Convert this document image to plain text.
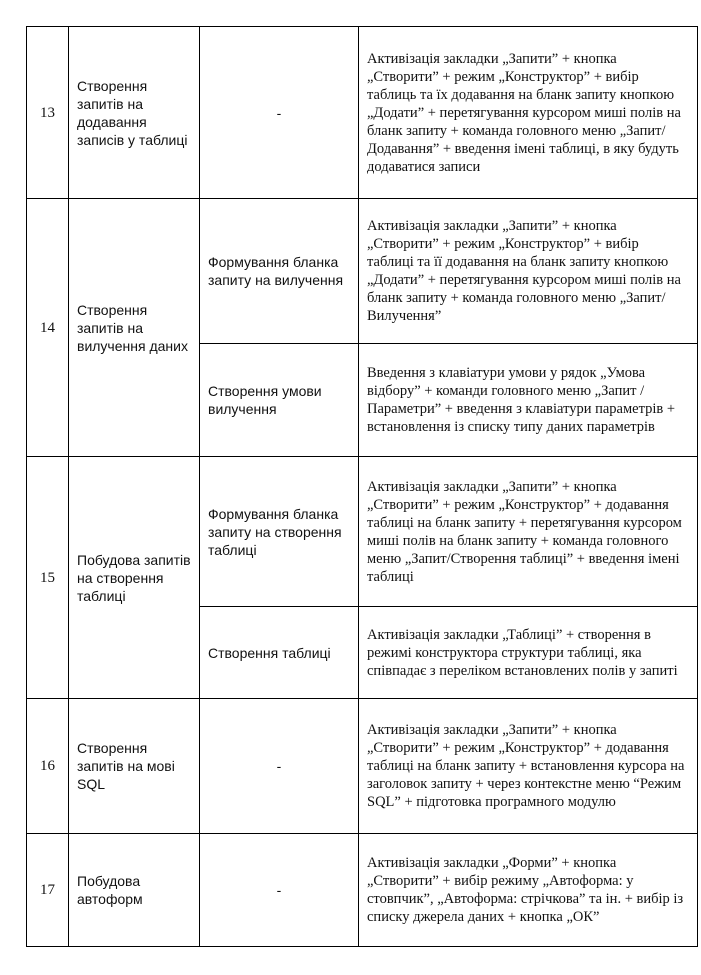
13	Створення запитів на додавання записів у таблиці	-	Активізація закладки „Запити” + кнопка „Створити” + режим „Конструктор” + вибір таблиць та їх додавання на бланк запиту кнопкою „Додати” + перетягування курсором миші полів на бланк запиту + команда головного меню „Запит/Додавання” + введення імені таблиці, в яку будуть додаватися записи
14	Створення запитів на вилучення даних	Формування бланка запиту на вилучення	Активізація закладки „Запити” + кнопка „Створити” + режим „Конструктор” + вибір таблиці та її додавання на бланк запиту кнопкою „Додати” + перетягування курсором миші полів на бланк запиту + команда головного меню „Запит/Вилучення”
		Створення умови вилучення	Введення з клавіатури умови у рядок „Умова відбору” + команди головного меню „Запит / Параметри” + введення з клавіатури параметрів + встановлення із списку типу даних параметрів
15	Побудова запитів на створення таблиці	Формування бланка запиту на створення таблиці	Активізація закладки „Запити” + кнопка „Створити” + режим „Конструктор” + додавання таблиці на бланк запиту + перетягування курсором миші полів на бланк запиту + команда головного меню „Запит/Створення таблиці” + введення імені таблиці
		Створення таблиці	Активізація закладки „Таблиці” + створення в режимі конструктора структури таблиці, яка співпадає з переліком встановлених полів у запиті
16	Створення запитів на мові SQL	-	Активізація закладки „Запити” + кнопка „Створити” + режим „Конструктор” + додавання таблиці на бланк запиту + встановлення курсора на заголовок запиту + через контекстне меню “Режим SQL” + підготовка програмного модулю
17	Побудова автоформ	-	Активізація закладки „Форми” + кнопка „Створити” + вибір режиму „Автоформа: у стовпчик”, „Автоформа: стрічкова” та ін. + вибір із списку джерела даних + кнопка „ОК”
